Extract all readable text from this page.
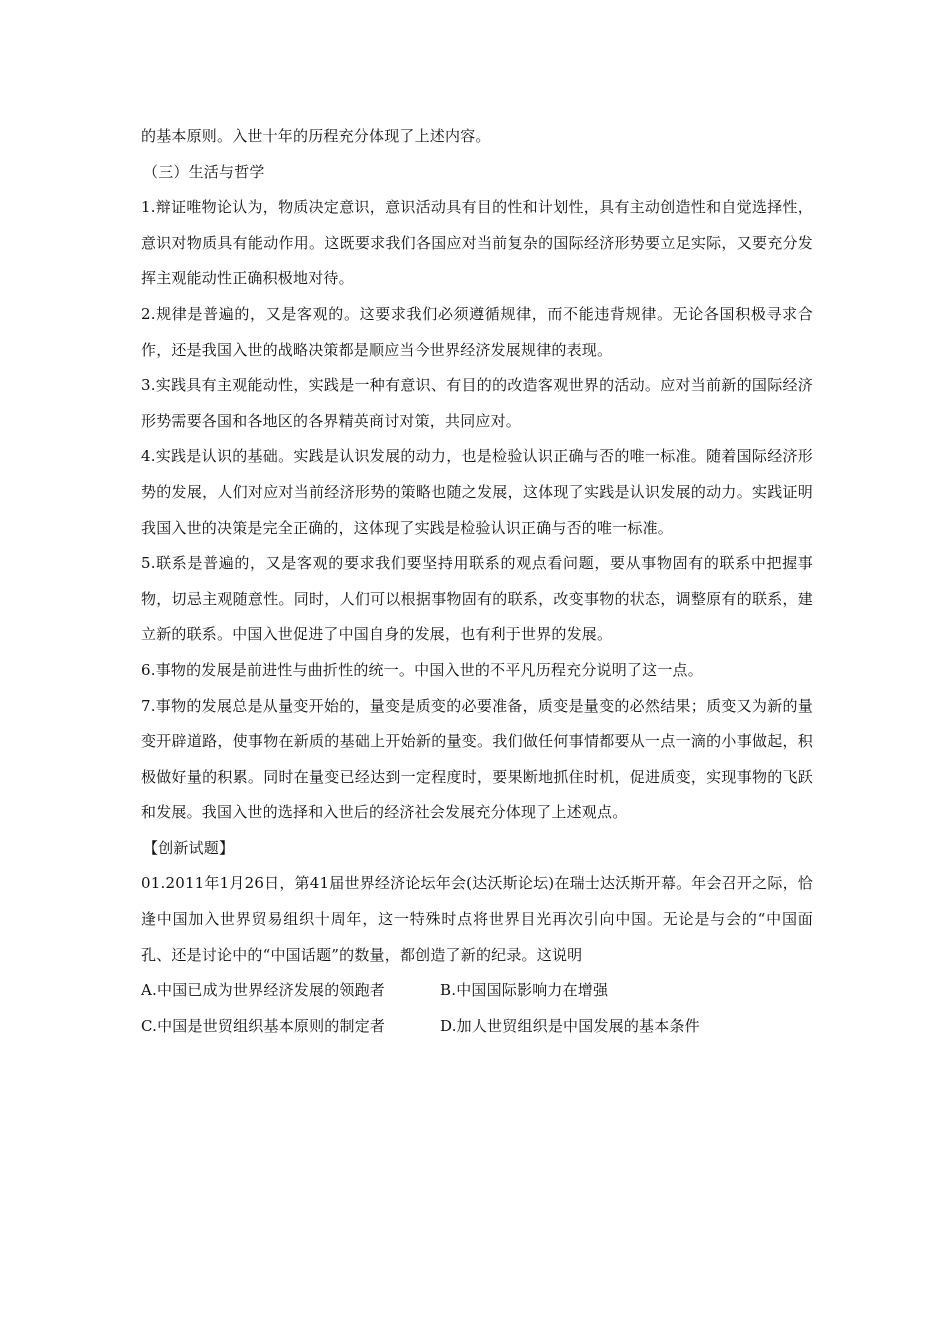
的基本原则。入世十年的历程充分体现了上述内容。

（三）生活与哲学

1.辩证唯物论认为，物质决定意识，意识活动具有目的性和计划性，具有主动创造性和自觉选择性，意识对物质具有能动作用。这既要求我们各国应对当前复杂的国际经济形势要立足实际，又要充分发挥主观能动性正确积极地对待。

2.规律是普遍的，又是客观的。这要求我们必须遵循规律，而不能违背规律。无论各国积极寻求合作，还是我国入世的战略决策都是顺应当今世界经济发展规律的表现。

3.实践具有主观能动性，实践是一种有意识、有目的的改造客观世界的活动。应对当前新的国际经济形势需要各国和各地区的各界精英商讨对策，共同应对。

4.实践是认识的基础。实践是认识发展的动力，也是检验认识正确与否的唯一标准。随着国际经济形势的发展，人们对应对当前经济形势的策略也随之发展，这体现了实践是认识发展的动力。实践证明我国入世的决策是完全正确的，这体现了实践是检验认识正确与否的唯一标准。

5.联系是普遍的，又是客观的要求我们要坚持用联系的观点看问题，要从事物固有的联系中把握事物，切忌主观随意性。同时，人们可以根据事物固有的联系，改变事物的状态，调整原有的联系，建立新的联系。中国入世促进了中国自身的发展，也有利于世界的发展。

6.事物的发展是前进性与曲折性的统一。中国入世的不平凡历程充分说明了这一点。

7.事物的发展总是从量变开始的，量变是质变的必要准备，质变是量变的必然结果；质变又为新的量变开辟道路，使事物在新质的基础上开始新的量变。我们做任何事情都要从一点一滴的小事做起，积极做好量的积累。同时在量变已经达到一定程度时，要果断地抓住时机，促进质变，实现事物的飞跃和发展。我国入世的选择和入世后的经济社会发展充分体现了上述观点。

【创新试题】

01.2011年1月26日，第41届世界经济论坛年会(达沃斯论坛)在瑞士达沃斯开幕。年会召开之际，恰逢中国加入世界贸易组织十周年，这一特殊时点将世界目光再次引向中国。无论是与会的“中国面孔、还是讨论中的“中国话题”的数量，都创造了新的纪录。这说明

A.中国已成为世界经济发展的领跑者	B.中国国际影响力在增强
C.中国是世贸组织基本原则的制定者	D.加人世贸组织是中国发展的基本条件
